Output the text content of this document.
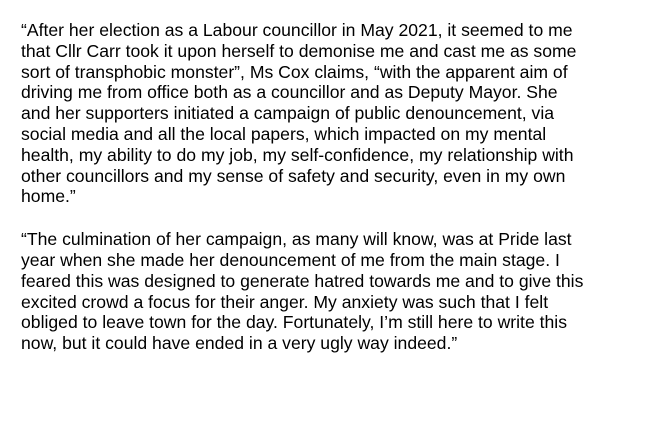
“After her election as a Labour councillor in May 2021, it seemed to me
that Cllr Carr took it upon herself to demonise me and cast me as some
sort of transphobic monster”, Ms Cox claims, “with the apparent aim of
driving me from office both as a councillor and as Deputy Mayor. She
and her supporters initiated a campaign of public denouncement, via
social media and all the local papers, which impacted on my mental
health, my ability to do my job, my self-confidence, my relationship with
other councillors and my sense of safety and security, even in my own
home.”

“The culmination of her campaign, as many will know, was at Pride last
year when she made her denouncement of me from the main stage. I
feared this was designed to generate hatred towards me and to give this
excited crowd a focus for their anger. My anxiety was such that I felt
obliged to leave town for the day. Fortunately, I’m still here to write this
now, but it could have ended in a very ugly way indeed.”
